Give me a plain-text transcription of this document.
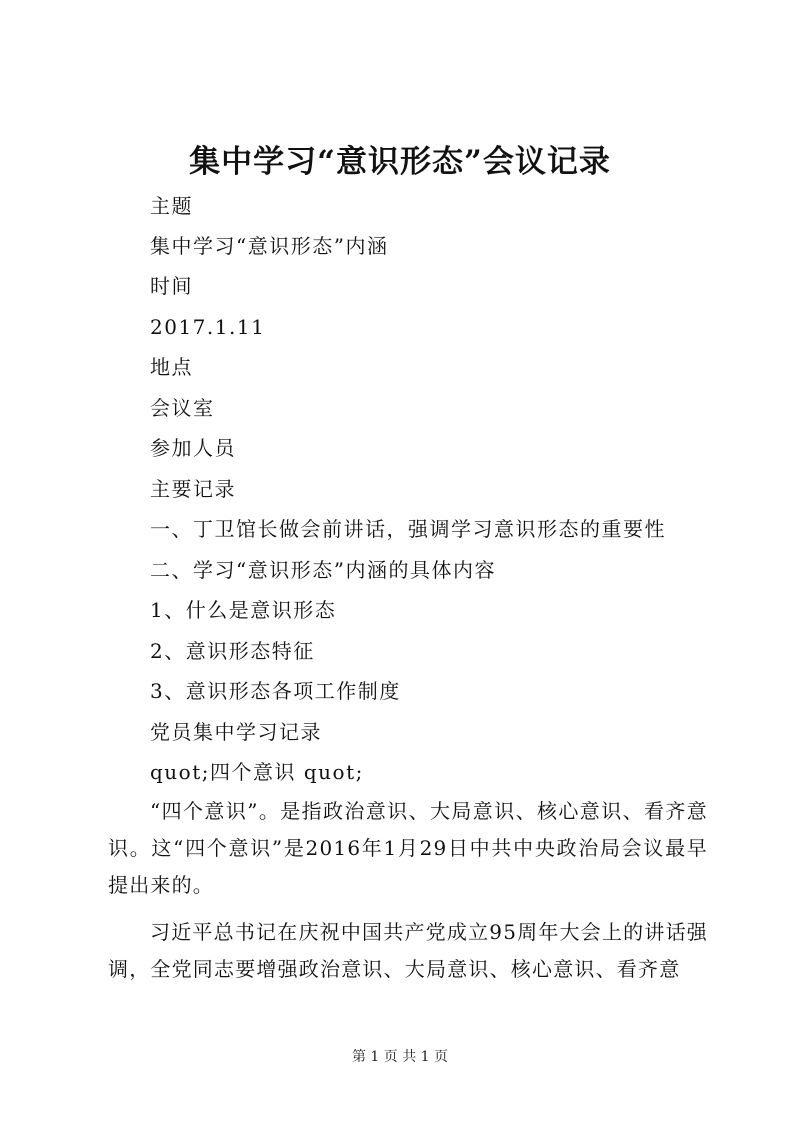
集中学习“意识形态”会议记录
主题
集中学习“意识形态”内涵
时间
2017.1.11
地点
会议室
参加人员
主要记录
一、丁卫馆长做会前讲话，强调学习意识形态的重要性
二、学习“意识形态”内涵的具体内容
1、什么是意识形态
2、意识形态特征
3、意识形态各项工作制度
党员集中学习记录
quot;四个意识 quot;
“四个意识”。是指政治意识、大局意识、核心意识、看齐意识。这“四个意识”是2016年1月29日中共中央政治局会议最早提出来的。
习近平总书记在庆祝中国共产党成立95周年大会上的讲话强调，全党同志要增强政治意识、大局意识、核心意识、看齐意
第 1 页 共 1 页
